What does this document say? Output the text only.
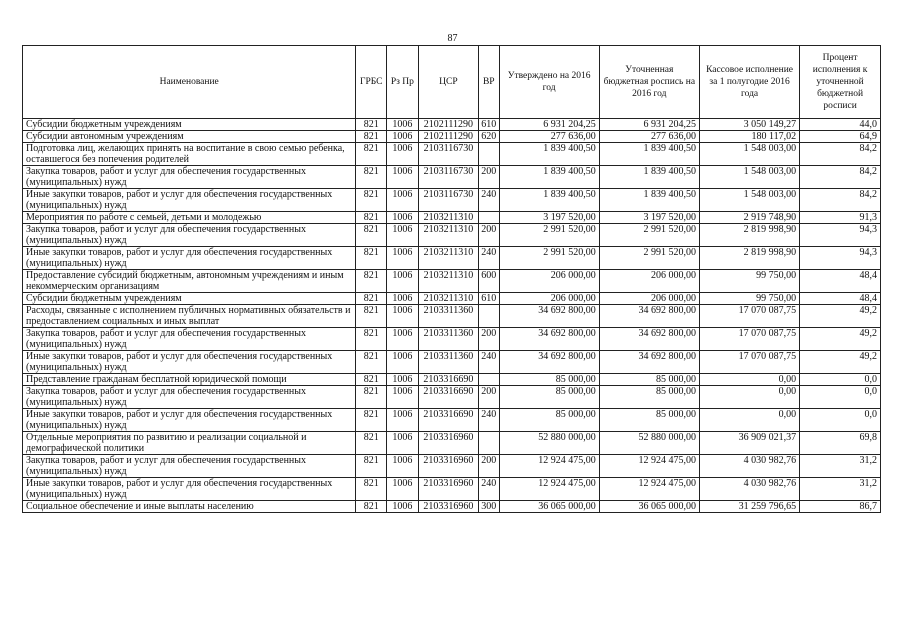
87
Наименование	ГРБС	Рз Пр	ЦСР	ВР	Утверждено на 2016 год	Уточненная бюджетная роспись на 2016 год	Кассовое исполнение за 1 полугодие 2016 года	Процент исполнения к уточненной бюджетной росписи
Субсидии бюджетным учреждениям	821	1006	2102111290	610	6 931 204,25	6 931 204,25	3 050 149,27	44,0
Субсидии автономным учреждениям	821	1006	2102111290	620	277 636,00	277 636,00	180 117,02	64,9
Подготовка лиц, желающих принять на воспитание в свою семью ребенка, оставшегося без попечения родителей	821	1006	2103116730		1 839 400,50	1 839 400,50	1 548 003,00	84,2
Закупка товаров, работ и услуг для обеспечения государственных (муниципальных) нужд	821	1006	2103116730	200	1 839 400,50	1 839 400,50	1 548 003,00	84,2
Иные закупки товаров, работ и услуг для обеспечения государственных (муниципальных) нужд	821	1006	2103116730	240	1 839 400,50	1 839 400,50	1 548 003,00	84,2
Мероприятия по работе с семьей, детьми и молодежью	821	1006	2103211310		3 197 520,00	3 197 520,00	2 919 748,90	91,3
Закупка товаров, работ и услуг для обеспечения государственных (муниципальных) нужд	821	1006	2103211310	200	2 991 520,00	2 991 520,00	2 819 998,90	94,3
Иные закупки товаров, работ и услуг для обеспечения государственных (муниципальных) нужд	821	1006	2103211310	240	2 991 520,00	2 991 520,00	2 819 998,90	94,3
Предоставление субсидий бюджетным, автономным учреждениям и иным некоммерческим организациям	821	1006	2103211310	600	206 000,00	206 000,00	99 750,00	48,4
Субсидии бюджетным учреждениям	821	1006	2103211310	610	206 000,00	206 000,00	99 750,00	48,4
Расходы, связанные с исполнением публичных нормативных обязательств и предоставлением социальных и иных выплат	821	1006	2103311360		34 692 800,00	34 692 800,00	17 070 087,75	49,2
Закупка товаров, работ и услуг для обеспечения государственных (муниципальных) нужд	821	1006	2103311360	200	34 692 800,00	34 692 800,00	17 070 087,75	49,2
Иные закупки товаров, работ и услуг для обеспечения государственных (муниципальных) нужд	821	1006	2103311360	240	34 692 800,00	34 692 800,00	17 070 087,75	49,2
Представление гражданам бесплатной юридической помощи	821	1006	2103316690		85 000,00	85 000,00	0,00	0,0
Закупка товаров, работ и услуг для обеспечения государственных (муниципальных) нужд	821	1006	2103316690	200	85 000,00	85 000,00	0,00	0,0
Иные закупки товаров, работ и услуг для обеспечения государственных (муниципальных) нужд	821	1006	2103316690	240	85 000,00	85 000,00	0,00	0,0
Отдельные мероприятия по развитию и реализации социальной и демографической политики	821	1006	2103316960		52 880 000,00	52 880 000,00	36 909 021,37	69,8
Закупка товаров, работ и услуг для обеспечения государственных (муниципальных) нужд	821	1006	2103316960	200	12 924 475,00	12 924 475,00	4 030 982,76	31,2
Иные закупки товаров, работ и услуг для обеспечения государственных (муниципальных) нужд	821	1006	2103316960	240	12 924 475,00	12 924 475,00	4 030 982,76	31,2
Социальное обеспечение и иные выплаты населению	821	1006	2103316960	300	36 065 000,00	36 065 000,00	31 259 796,65	86,7
